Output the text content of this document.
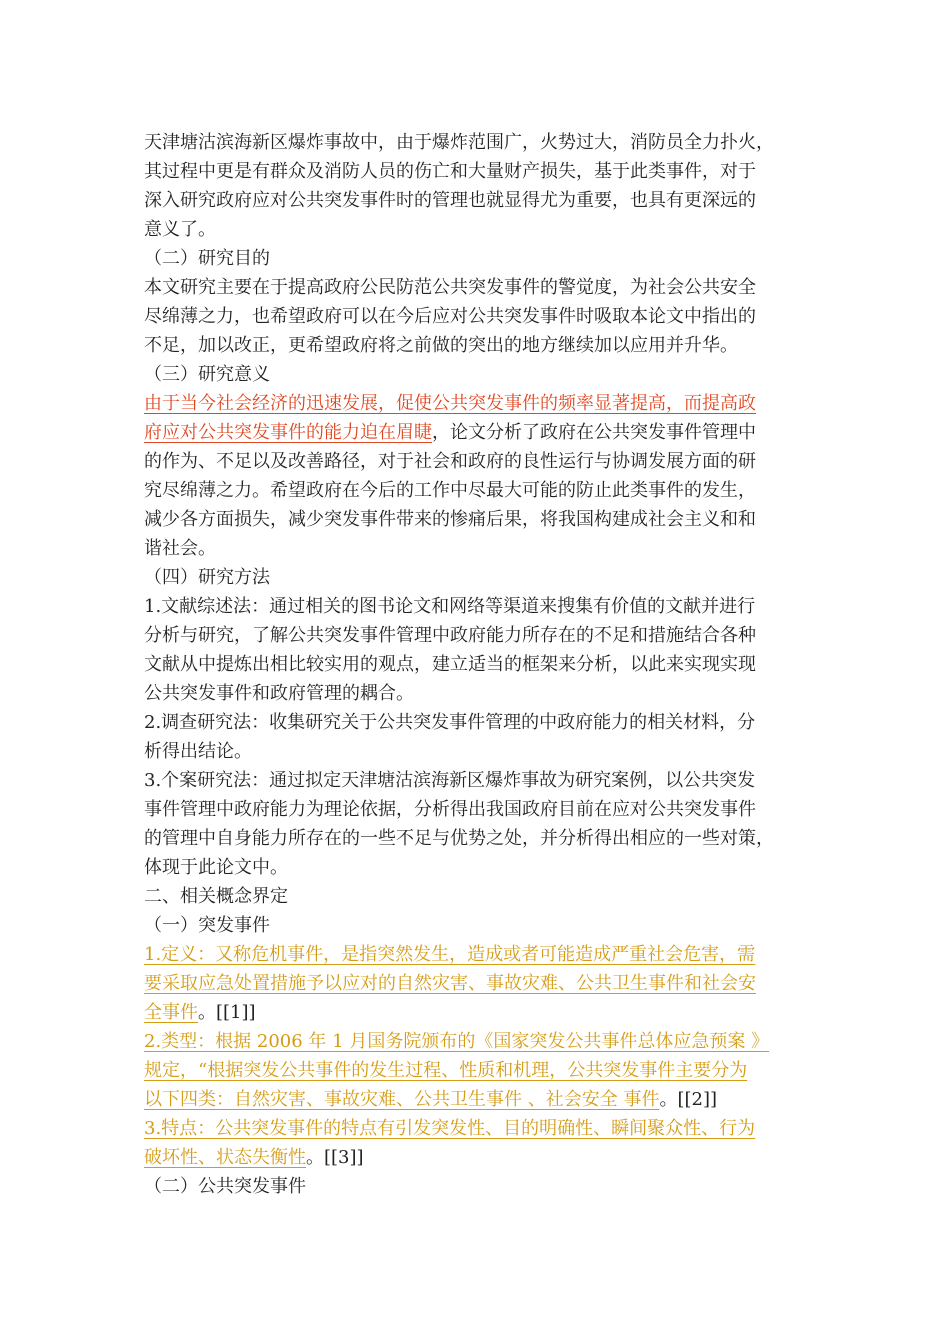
天津塘沽滨海新区爆炸事故中，由于爆炸范围广，火势过大，消防员全力扑火，
其过程中更是有群众及消防人员的伤亡和大量财产损失，基于此类事件，对于
深入研究政府应对公共突发事件时的管理也就显得尤为重要，也具有更深远的
意义了。
（二）研究目的
本文研究主要在于提高政府公民防范公共突发事件的警觉度，为社会公共安全
尽绵薄之力，也希望政府可以在今后应对公共突发事件时吸取本论文中指出的
不足，加以改正，更希望政府将之前做的突出的地方继续加以应用并升华。
（三）研究意义
由于当今社会经济的迅速发展，促使公共突发事件的频率显著提高，而提高政
府应对公共突发事件的能力迫在眉睫，论文分析了政府在公共突发事件管理中
的作为、不足以及改善路径，对于社会和政府的良性运行与协调发展方面的研
究尽绵薄之力。希望政府在今后的工作中尽最大可能的防止此类事件的发生，
减少各方面损失，减少突发事件带来的惨痛后果，将我国构建成社会主义和和
谐社会。
（四）研究方法
1.文献综述法：通过相关的图书论文和网络等渠道来搜集有价值的文献并进行
分析与研究，了解公共突发事件管理中政府能力所存在的不足和措施结合各种
文献从中提炼出相比较实用的观点，建立适当的框架来分析，以此来实现实现
公共突发事件和政府管理的耦合。
2.调查研究法：收集研究关于公共突发事件管理的中政府能力的相关材料，分
析得出结论。
3.个案研究法：通过拟定天津塘沽滨海新区爆炸事故为研究案例，以公共突发
事件管理中政府能力为理论依据，分析得出我国政府目前在应对公共突发事件
的管理中自身能力所存在的一些不足与优势之处，并分析得出相应的一些对策，
体现于此论文中。
二、相关概念界定
（一）突发事件
1.定义：又称危机事件，是指突然发生，造成或者可能造成严重社会危害，需
要采取应急处置措施予以应对的自然灾害、事故灾难、公共卫生事件和社会安
全事件。[[1]]
2.类型：根据 2006 年 1 月国务院颁布的《国家突发公共事件总体应急预案 》
规定，“根据突发公共事件的发生过程、性质和机理，公共突发事件主要分为
以下四类：自然灾害、事故灾难、公共卫生事件 、社会安全 事件。[[2]]
3.特点：公共突发事件的特点有引发突发性、目的明确性、瞬间聚众性、行为
破坏性、状态失衡性。[[3]]
（二）公共突发事件
